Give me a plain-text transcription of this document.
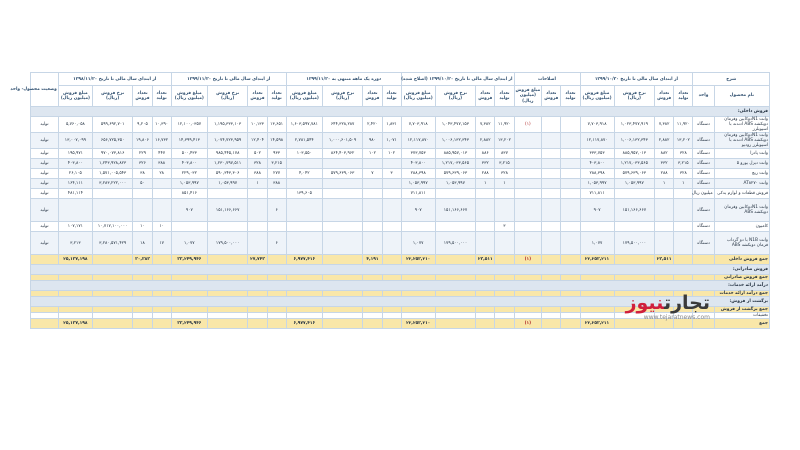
شرح		از ابتدای سال مالی تا تاریخ ۱۳۹۹/۱۰/۳۰				اصلاحات			از ابتدای سال مالی تا تاریخ ۱۳۹۹/۱۰/۳۰ (اصلاح شده)				دوره یک ماهه منتهی به ۱۳۹۹/۱۱/۳۰				از ابتدای سال مالی تا تاریخ ۱۳۹۹/۱۱/۳۰				از ابتدای سال مالی تا تاریخ ۱۳۹۸/۱۱/۳۰				وضعیت محصول- واحد
نام محصول	واحد	تعداد تولید	تعداد فروش	نرخ فروش (ریال)	مبلغ فروش (میلیون ریال)	تعداد تولید	تعداد فروش	مبلغ فروش (میلیون ریال)	تعداد تولید	تعداد فروش	نرخ فروش (ریال)	مبلغ فروش (میلیون ریال)	تعداد تولید	تعداد فروش	نرخ فروش (ریال)	مبلغ فروش (میلیون ریال)	تعداد تولید	تعداد فروش	نرخ فروش (ریال)	مبلغ فروش (میلیون ریال)	تعداد تولید	تعداد فروش	نرخ فروش (ریال)	مبلغ فروش (میلیون ریال)	
فروش داخلی:																									
وانت N1دوکابین وفرمان دوبکشه ABS ادندنه با اسپویلرز	دستگاه	۱۱,۹۲۰	۷,۳۸۲	۱,۰۲۳,۴۷۷,۹۱۹	۷,۷۰۳,۹۱۸			(۱)	۱۱,۹۲۰	۷,۳۸۲	۱,۰۴۳,۴۷۷,۱۵۳	۷,۷۰۳,۹۱۸	۱,۸۳۱	۲,۴۲۰	۶۴۴,۳۲۸,۲۸۷	۱,۶۰۳,۵۹۷,۷۸۱	۱۳,۶۵۱	۱۰,۱۳۳	۱,۱۹۵,۳۳۳,۱۰۳	۱۲,۱۰۰,۰۳۵۷	۱۰,۳۹۰	۹,۲۰۵	۵۹۹,۶۹۲,۷۰۱	۵,۷۶۰,۰۵۸	تولید
وانت N1دوکابین وفرمان دوبکشه ABS ادندنه با اسپویلرز رودیو	دستگاه	۱۳,۲۰۲	۲,۸۸۲	۱,۰۰۶,۱۳۲,۳۴۳	۱۲,۱۱۷,۸۷۰				۱۳,۲۰۲	۲,۸۸۲	۱,۰۰۶,۱۳۲,۳۴۳	۱۲,۱۱۷,۸۷۰	۱,۰۷۱	۹۸۰	۱,۰۰۰,۶۰۱,۵۰۹	۲,۷۸۱,۵۴۴	۱۴,۵۹۸	۱۲,۴۰۴	۱,۰۷۴,۷۲۳,۹۵۹	۱۴,۳۹۹,۴۱۳	۱۶,۷۳۲	۱۹,۸۰۶	۶۵۶,۷۲۵,۳۵۰	۱۳,۰۰۷,۰۹۹	تولید
وانت پادرا	دستگاه	۳۲۸	۸۸۲	۸۸۵,۹۵۷,۰۱۳	۳۳۳,۷۵۳				۸۳۷	۸۸۶	۸۸۵,۹۵۷,۰۱۳	۳۷۳,۷۵۳	۱۰۲	۱۰۲	۸۶۴,۴۰۳,۹۶۲	۱۰۳,۵۵۰	۹۳۳	۵۰۲	۹۸۵,۴۴۵,۱۷۸	۵۰۰,۴۳۳	۴۴۷	۲۲۹	۹۷۰,۰۷۳,۸۱۶	۱۹۵,۹۷۱	تولید
وانت دیزل یورو ۵	دستگاه	۳,۲۱۵	۳۳۲	۱,۲۱۷,۰۳۳,۵۶۵	۴۰۳,۸۰۰				۳,۲۱۵	۳۳۲	۱,۲۱۷,۰۳۳,۵۶۵	۴۰۳,۸۰۰					۳,۲۱۵	۳۲۸	۱,۲۳۰,۷۹۷,۵۱۱	۴۰۳,۸۰۰	۳۸۸	۳۲۶	۱,۲۴۳,۹۲۸,۸۲۳	۴۰۳,۸۰۰	تولید
وانت ریچ	دستگاه	۳۲۸	۲۸۸	۵۷۹,۶۳۹,۰۶۳	۲۸۸,۳۹۸				۳۲۸	۲۸۸	۵۷۹,۶۳۹,۰۶۳	۲۸۸,۳۹۸	۳	۷	۵۷۹,۶۳۹,۰۶۳	۴,۰۴۲	۲۷۷	۳۸۸	۵۹۰,۳۴۳,۳۰۶	۲۲۹,۰۳۲	۲۸	۳۸	۱,۵۷۱,۰۰۵,۵۴۳	۲۶,۱۰۵	تولید
وانت AT۸۲۷۰	دستگاه	۱	۱	۱,۰۵۳,۹۹۷	۱,۰۵۳,۹۹۷				۱	۱	۱,۰۵۳,۹۹۷	۱,۰۵۳,۹۹۷					۳۸۸	۱	۱,۰۵۳,۹۹۷	۱,۰۵۳,۹۹۷		۵۰	۳,۲۸۳,۲۲۲,۰۰۰	۱۶۴,۱۱۱	تولید
فروش قطعات و لوازم یدکی	میلیون ریال				۷۱۱,۸۱۱							۷۱۱,۸۱۱				۱۳۹,۶۰۵				۸۵۱,۴۱۶				۴۸۱,۱۱۴	تولید
وانت N1دوکابین وفرمان دوبکشه ABS	دستگاه			۱۵۱,۱۶۶,۶۶۷	۹۰۷						۱۵۱,۱۶۶,۶۶۷	۹۰۷					۶		۱۵۱,۱۶۶,۶۶۷	۹۰۷					تولید
کامیون	دستگاه								۳												۱۰	۱۰	۱۰,۷۱۷,۱۰۰,۰۰۰	۱۰۷,۱۷۱	تولید
وانت N1B با دو گرداب فرمان دوبکشه ABS	دستگاه			۱۷۹,۵۰۰,۰۰۰	۱,۰۷۷						۱۷۹,۵۰۰,۰۰۰	۱,۰۷۷					۶		۱۷۹,۵۰۰,۰۰۰	۱,۰۷۷	۱۷	۱۸	۳,۲۸۰,۵۷۱,۴۲۹	۳,۲۱۳	تولید
جمع فروش داخلی			۲۳,۵۱۱		۲۲,۲۵۳,۲۱۱			(۱)		۲۳,۵۱۱		۲۲,۲۵۳,۲۱۰		۴,۱۹۱		۶,۹۷۷,۴۱۶		۲۷,۷۴۳		۳۳,۲۴۹,۹۴۶		۳۰,۳۸۳		۲۵,۱۳۷,۱۹۸	
فروش صادراتی:																									
جمع فروش صادراتی																									
درآمد ارائه خدمات:																									
جمع درآمد ارائه خدمات																									
برگشت از فروش:																									
جمع برگشت از فروش																									
تخفیفات																									
جمع					۲۲,۲۵۳,۲۱۱			(۱)				۲۲,۲۵۳,۲۱۰				۶,۹۷۷,۴۱۶				۳۳,۲۴۹,۹۴۶				۲۵,۱۳۷,۱۹۸	
تجارتنیوز
www.tejaratnews.com
